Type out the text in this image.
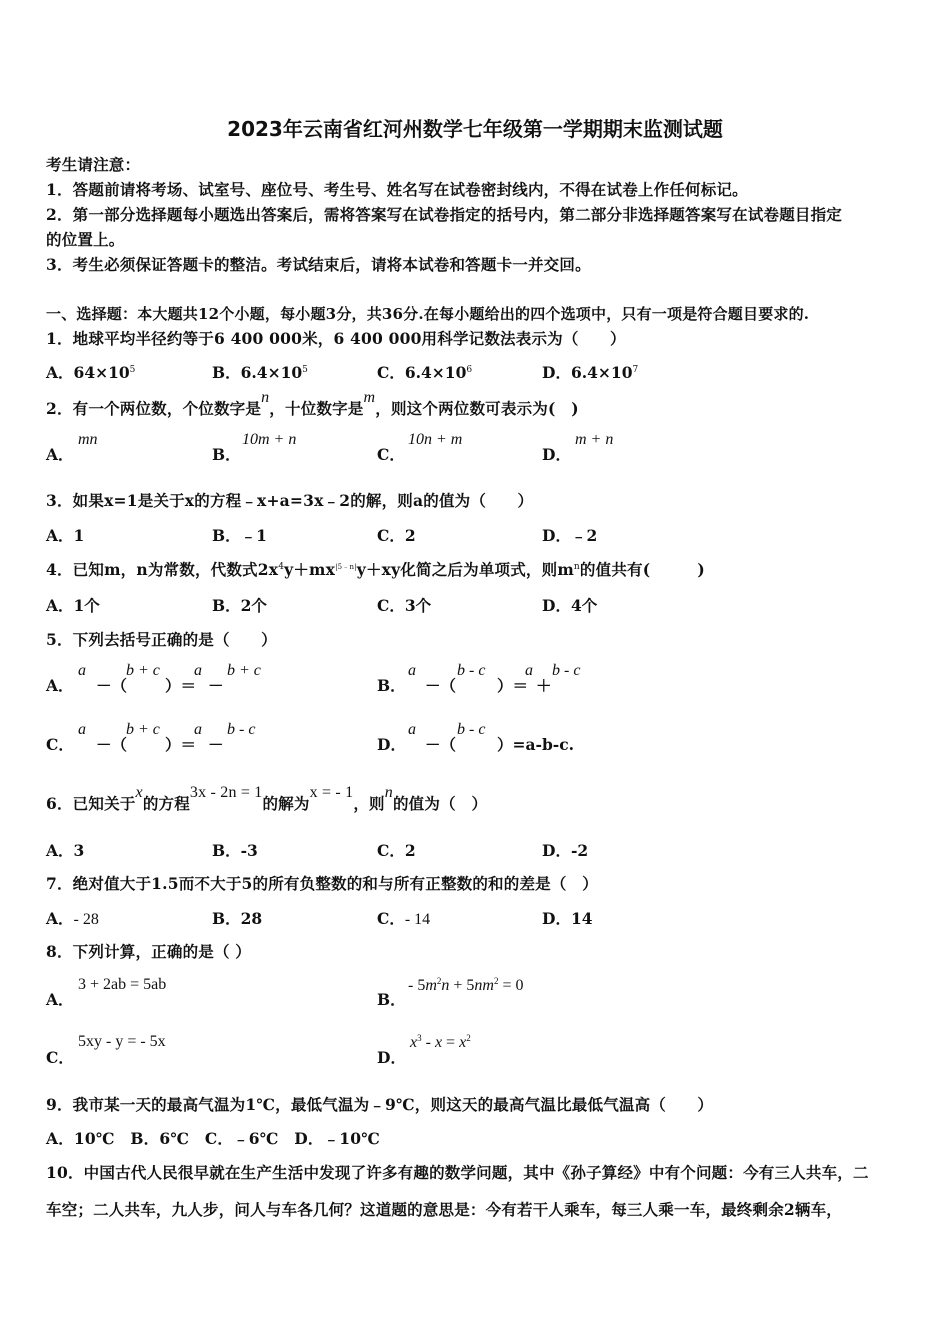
2023年云南省红河州数学七年级第一学期期末监测试题
考生请注意：
1．答题前请将考场、试室号、座位号、考生号、姓名写在试卷密封线内，不得在试卷上作任何标记。
2．第一部分选择题每小题选出答案后，需将答案写在试卷指定的括号内，第二部分非选择题答案写在试卷题目指定
的位置上。
3．考生必须保证答题卡的整洁。考试结束后，请将本试卷和答题卡一并交回。
一、选择题：本大题共12个小题，每小题3分，共36分.在每小题给出的四个选项中，只有一项是符合题目要求的.
1．地球平均半径约等于6 400 000米，6 400 000用科学记数法表示为（　　）
A．$64\times 10^5$	B．$6.4\times 10^5$	C．$6.4\times 10^6$	D．$6.4\times 10^7$
2．有一个两位数，个位数字是n，十位数字是m，则这个两位数可表示为(　)
A．
mn
B．
10m + n
C．
10n + m
D．
m + n
3．如果x=1是关于x的方程﹣x+a=3x﹣2的解，则a的值为（　　）
A．1	B．﹣1	C．2	D．﹣2
4．已知m，n为常数，代数式$2x^4y+mx^{|5﹣n|}y+xy$化简之后为单项式，则$m^n$的值共有(　　　)
A．1个	B．2个	C．3个	D．4个
5．下列去括号正确的是（　　）
A．
a
－（
b + c
）＝
a
－
b + c
B．
a
－（
b - c
）＝
a
＋
b - c
C．
a
－（
b + c
）＝
a
－
b - c
D．
a
－（
b - c
）=a-b-c.
6．已知关于x的方程3x - 2n = 1的解为x = - 1，则n的值为（　）
A．3	B．-3	C．2	D．-2
7．绝对值大于1.5而不大于5的所有负整数的和与所有正整数的和的差是（　）
A．- 28	B．28	C．- 14	D．14
8．下列计算，正确的是（ ）
A．
3 + 2ab = 5ab
B．
- $5m^2n + 5nm^2 = 0$
C．
5xy - y = - 5x
D．
$x^3 - x = x^2$
9．我市某一天的最高气温为1℃，最低气温为﹣9℃，则这天的最高气温比最低气温高（　　）
A．10℃　B．6℃　C．﹣6℃　D．﹣10℃
10．中国古代人民很早就在生产生活中发现了许多有趣的数学问题，其中《孙子算经》中有个问题：今有三人共车，二
车空；二人共车，九人步，问人与车各几何？这道题的意思是：今有若干人乘车，每三人乘一车，最终剩余2辆车，
